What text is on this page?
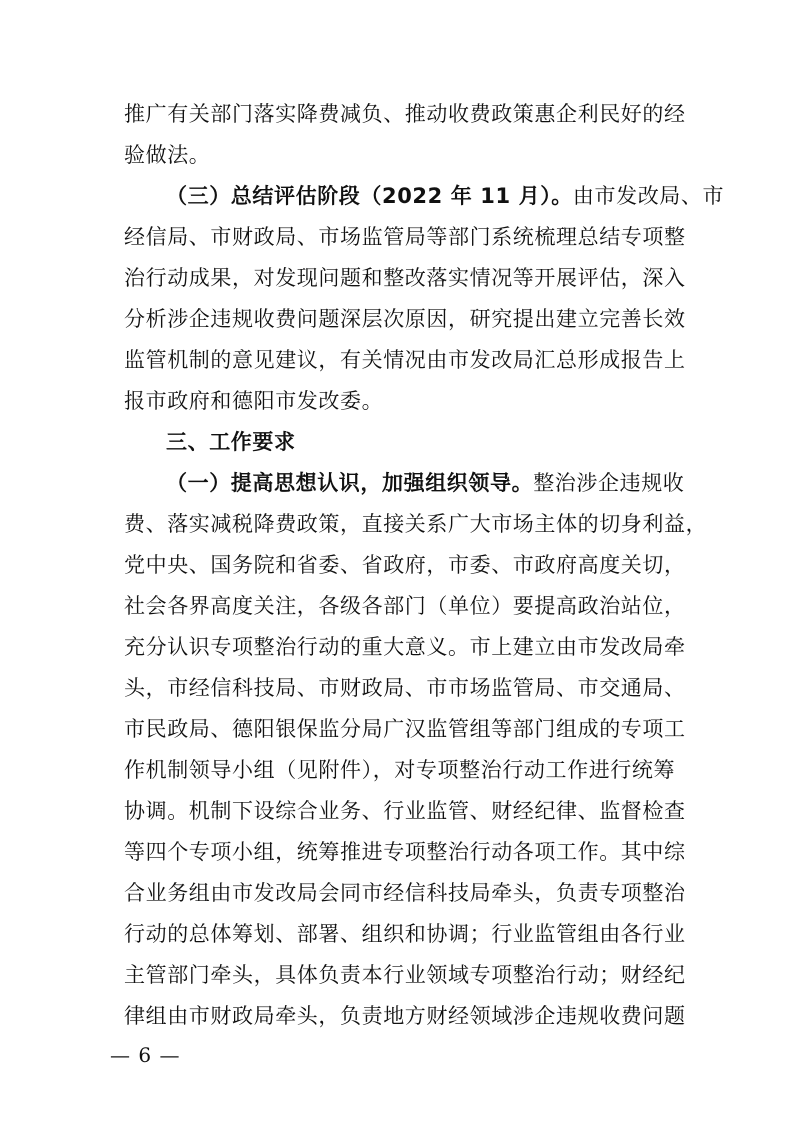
推广有关部门落实降费减负、推动收费政策惠企利民好的经
验做法。
（三）总结评估阶段（2022 年 11 月）。由市发改局、市
经信局、市财政局、市场监管局等部门系统梳理总结专项整
治行动成果，对发现问题和整改落实情况等开展评估，深入
分析涉企违规收费问题深层次原因，研究提出建立完善长效
监管机制的意见建议，有关情况由市发改局汇总形成报告上
报市政府和德阳市发改委。
三、工作要求
（一）提高思想认识，加强组织领导。整治涉企违规收
费、落实减税降费政策，直接关系广大市场主体的切身利益，
党中央、国务院和省委、省政府，市委、市政府高度关切，
社会各界高度关注，各级各部门（单位）要提高政治站位，
充分认识专项整治行动的重大意义。市上建立由市发改局牵
头，市经信科技局、市财政局、市市场监管局、市交通局、
市民政局、德阳银保监分局广汉监管组等部门组成的专项工
作机制领导小组（见附件），对专项整治行动工作进行统筹
协调。机制下设综合业务、行业监管、财经纪律、监督检查
等四个专项小组，统筹推进专项整治行动各项工作。其中综
合业务组由市发改局会同市经信科技局牵头，负责专项整治
行动的总体筹划、部署、组织和协调；行业监管组由各行业
主管部门牵头，具体负责本行业领域专项整治行动；财经纪
律组由市财政局牵头，负责地方财经领域涉企违规收费问题
— 6 —
